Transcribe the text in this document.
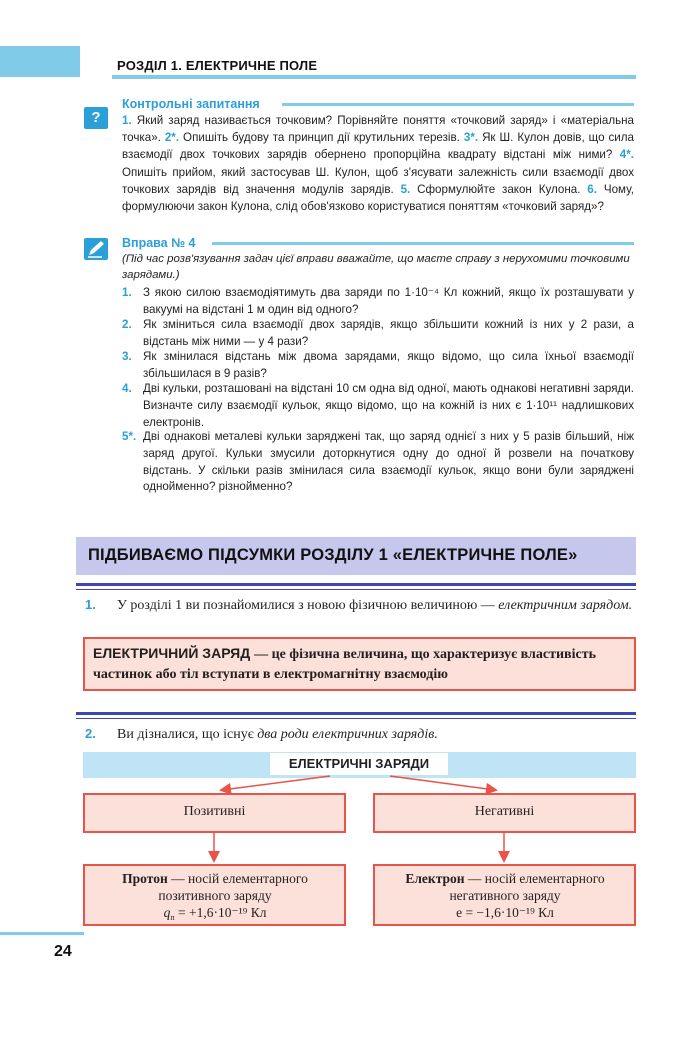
РОЗДІЛ 1. ЕЛЕКТРИЧНЕ ПОЛЕ
?
Контрольні запитання
1. Який заряд називається точковим? Порівняйте поняття «точковий заряд» і «матеріальна точка». 2*. Опишіть будову та принцип дії крутильних терезів. 3*. Як Ш. Кулон довів, що сила взаємодії двох точкових зарядів обернено пропорційна квадрату відстані між ними? 4*. Опишіть прийом, який застосував Ш. Кулон, щоб з'ясувати залежність сили взаємодії двох точкових зарядів від значення модулів зарядів. 5. Сформулюйте закон Кулона. 6. Чому, формулюючи закон Кулона, слід обов'язково користуватися поняттям «точковий заряд»?
Вправа № 4
(Під час розв'язування задач цієї вправи вважайте, що маєте справу з нерухомими точковими зарядами.)
1. З якою силою взаємодіятимуть два заряди по 1·10⁻⁴ Кл кожний, якщо їх розташувати у вакуумі на відстані 1 м один від одного?
2. Як зміниться сила взаємодії двох зарядів, якщо збільшити кожний із них у 2 рази, а відстань між ними — у 4 рази?
3. Як змінилася відстань між двома зарядами, якщо відомо, що сила їхньої взаємодії збільшилася в 9 разів?
4. Дві кульки, розташовані на відстані 10 см одна від одної, мають однакові негативні заряди. Визначте силу взаємодії кульок, якщо відомо, що на кожній із них є 1·10¹¹ надлишкових електронів.
5*. Дві однакові металеві кульки заряджені так, що заряд однієї з них у 5 разів більший, ніж заряд другої. Кульки змусили доторкнутися одну до одної й розвели на початкову відстань. У скільки разів змінилася сила взаємодії кульок, якщо вони були заряджені однойменно? різнойменно?
ПІДБИВАЄМО ПІДСУМКИ РОЗДІЛУ 1 «ЕЛЕКТРИЧНЕ ПОЛЕ»
1. У розділі 1 ви познайомилися з новою фізичною величиною — електричним зарядом.
ЕЛЕКТРИЧНИЙ ЗАРЯД — це фізична величина, що характеризує властивість частинок або тіл вступати в електромагнітну взаємодію
2. Ви дізналися, що існує два роди електричних зарядів.
ЕЛЕКТРИЧНІ ЗАРЯДИ
Позитивні	Негативні
Протон — носій елементарного позитивного заряду
$q_п = +1,6\cdot 10^{-19}$ Кл
Електрон — носій елементарного негативного заряду
e = −1,6·10⁻¹⁹ Кл
24
